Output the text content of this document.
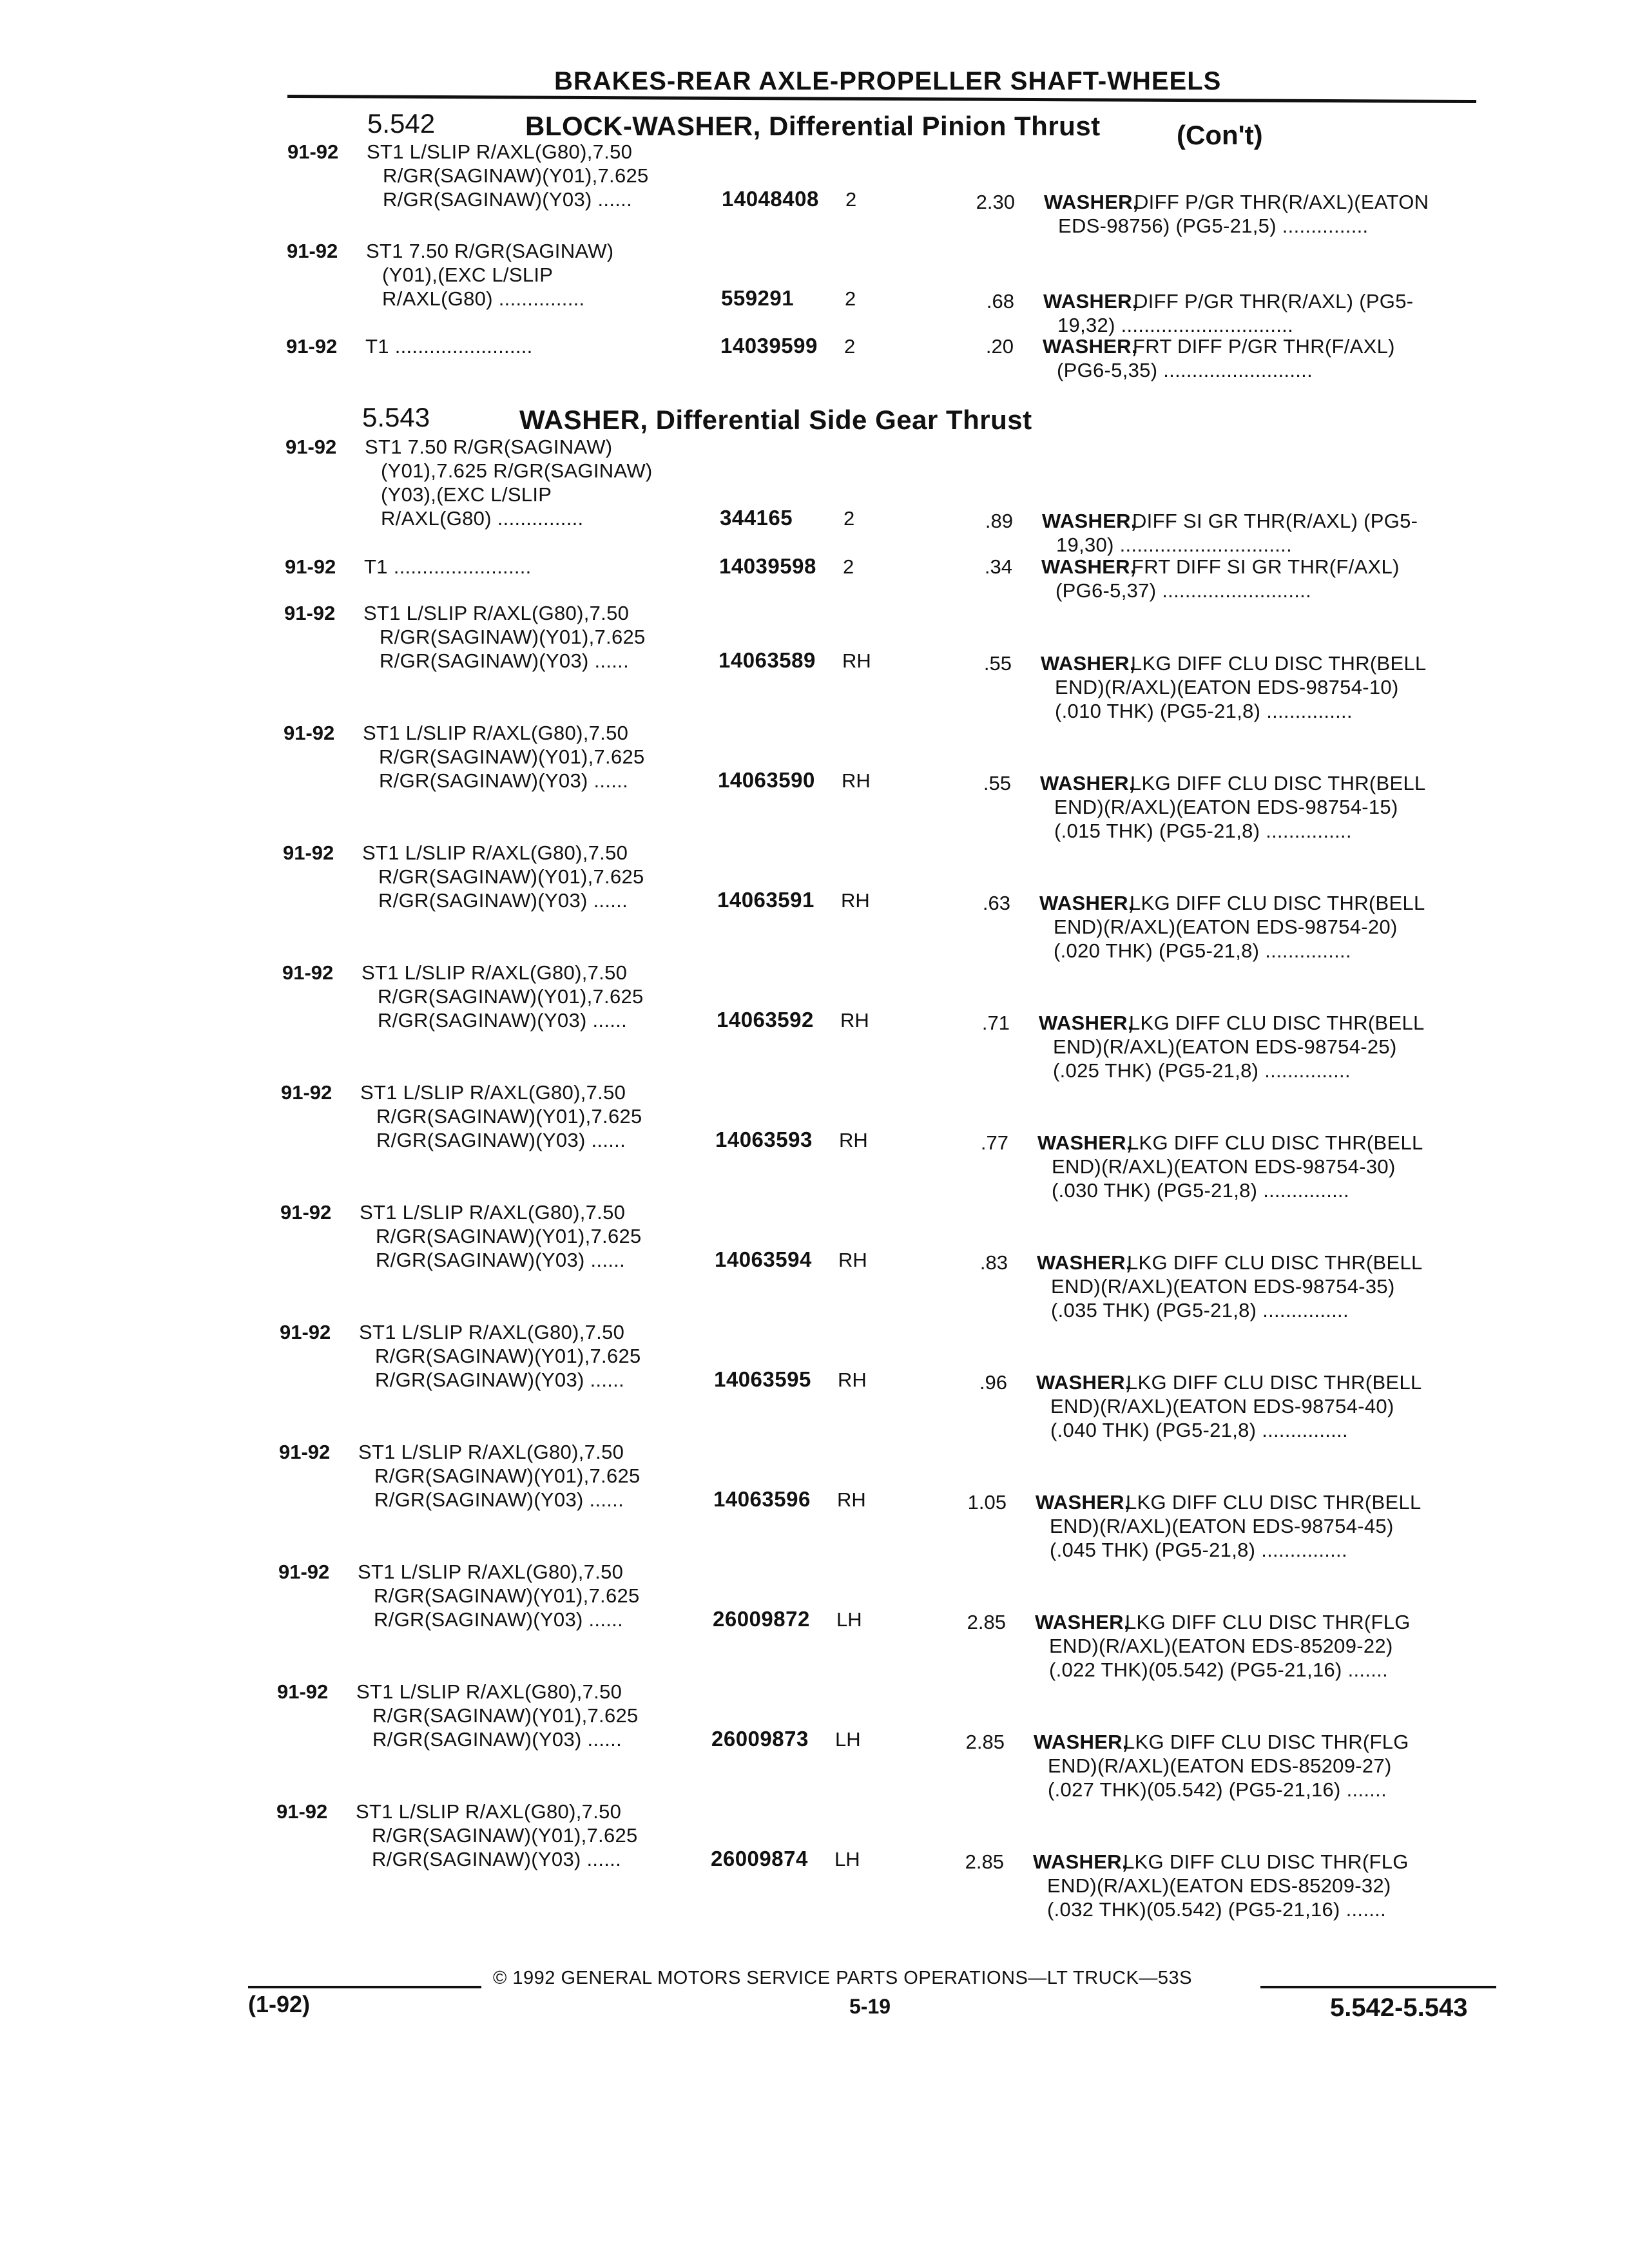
BRAKES-REAR AXLE-PROPELLER SHAFT-WHEELS
5.542	BLOCK-WASHER, Differential Pinion Thrust	(Con't)
91-92 ST1 L/SLIP R/AXL(G80),7.50
R/GR(SAGINAW)(Y01),7.625
R/GR(SAGINAW)(Y03) ......	14048408 2	2.30 WASHER,
DIFF P/GR THR(R/AXL)(EATON
EDS-98756) (PG5-21,5) ...............
91-92 ST1 7.50 R/GR(SAGINAW)
(Y01),(EXC L/SLIP
R/AXL(G80) ...............	559291	2	.68 WASHER,
DIFF P/GR THR(R/AXL) (PG5-
19,32) ..............................
91-92 T1 ........................	14039599 2	.20 WASHER,
FRT DIFF P/GR THR(F/AXL)
(PG6-5,35) ..........................
5.543	WASHER, Differential Side Gear Thrust
91-92 ST1 7.50 R/GR(SAGINAW)
(Y01),7.625 R/GR(SAGINAW)
(Y03),(EXC L/SLIP
R/AXL(G80) ...............	344165	2	.89 WASHER,
DIFF SI GR THR(R/AXL) (PG5-
19,30) ..............................
91-92 T1 ........................	14039598 2	.34 WASHER,
FRT DIFF SI GR THR(F/AXL)
(PG6-5,37) ..........................
91-92 ST1 L/SLIP R/AXL(G80),7.50
R/GR(SAGINAW)(Y01),7.625
R/GR(SAGINAW)(Y03) ......	14063589 RH	.55 WASHER,
LKG DIFF CLU DISC THR(BELL
END)(R/AXL)(EATON EDS-98754-10)
(.010 THK) (PG5-21,8) ...............
91-92 ST1 L/SLIP R/AXL(G80),7.50
R/GR(SAGINAW)(Y01),7.625
R/GR(SAGINAW)(Y03) ......	14063590 RH	.55 WASHER,
LKG DIFF CLU DISC THR(BELL
END)(R/AXL)(EATON EDS-98754-15)
(.015 THK) (PG5-21,8) ...............
91-92 ST1 L/SLIP R/AXL(G80),7.50
R/GR(SAGINAW)(Y01),7.625
R/GR(SAGINAW)(Y03) ......	14063591 RH	.63 WASHER,
LKG DIFF CLU DISC THR(BELL
END)(R/AXL)(EATON EDS-98754-20)
(.020 THK) (PG5-21,8) ...............
91-92 ST1 L/SLIP R/AXL(G80),7.50
R/GR(SAGINAW)(Y01),7.625
R/GR(SAGINAW)(Y03) ......	14063592 RH	.71 WASHER,
LKG DIFF CLU DISC THR(BELL
END)(R/AXL)(EATON EDS-98754-25)
(.025 THK) (PG5-21,8) ...............
91-92 ST1 L/SLIP R/AXL(G80),7.50
R/GR(SAGINAW)(Y01),7.625
R/GR(SAGINAW)(Y03) ......	14063593 RH	.77 WASHER,
LKG DIFF CLU DISC THR(BELL
END)(R/AXL)(EATON EDS-98754-30)
(.030 THK) (PG5-21,8) ...............
91-92 ST1 L/SLIP R/AXL(G80),7.50
R/GR(SAGINAW)(Y01),7.625
R/GR(SAGINAW)(Y03) ......	14063594 RH	.83 WASHER,
LKG DIFF CLU DISC THR(BELL
END)(R/AXL)(EATON EDS-98754-35)
(.035 THK) (PG5-21,8) ...............
91-92 ST1 L/SLIP R/AXL(G80),7.50
R/GR(SAGINAW)(Y01),7.625
R/GR(SAGINAW)(Y03) ......	14063595 RH	.96 WASHER,
LKG DIFF CLU DISC THR(BELL
END)(R/AXL)(EATON EDS-98754-40)
(.040 THK) (PG5-21,8) ...............
91-92 ST1 L/SLIP R/AXL(G80),7.50
R/GR(SAGINAW)(Y01),7.625
R/GR(SAGINAW)(Y03) ......	14063596 RH	1.05 WASHER,
LKG DIFF CLU DISC THR(BELL
END)(R/AXL)(EATON EDS-98754-45)
(.045 THK) (PG5-21,8) ...............
91-92 ST1 L/SLIP R/AXL(G80),7.50
R/GR(SAGINAW)(Y01),7.625
R/GR(SAGINAW)(Y03) ......	26009872 LH	2.85 WASHER,
LKG DIFF CLU DISC THR(FLG
END)(R/AXL)(EATON EDS-85209-22)
(.022 THK)(05.542) (PG5-21,16) .......
91-92 ST1 L/SLIP R/AXL(G80),7.50
R/GR(SAGINAW)(Y01),7.625
R/GR(SAGINAW)(Y03) ......	26009873 LH	2.85 WASHER,
LKG DIFF CLU DISC THR(FLG
END)(R/AXL)(EATON EDS-85209-27)
(.027 THK)(05.542) (PG5-21,16) .......
91-92 ST1 L/SLIP R/AXL(G80),7.50
R/GR(SAGINAW)(Y01),7.625
R/GR(SAGINAW)(Y03) ......	26009874 LH	2.85 WASHER,
LKG DIFF CLU DISC THR(FLG
END)(R/AXL)(EATON EDS-85209-32)
(.032 THK)(05.542) (PG5-21,16) .......
© 1992 GENERAL MOTORS SERVICE PARTS OPERATIONS—LT TRUCK—53S
(1-92)	5-19	5.542-5.543
